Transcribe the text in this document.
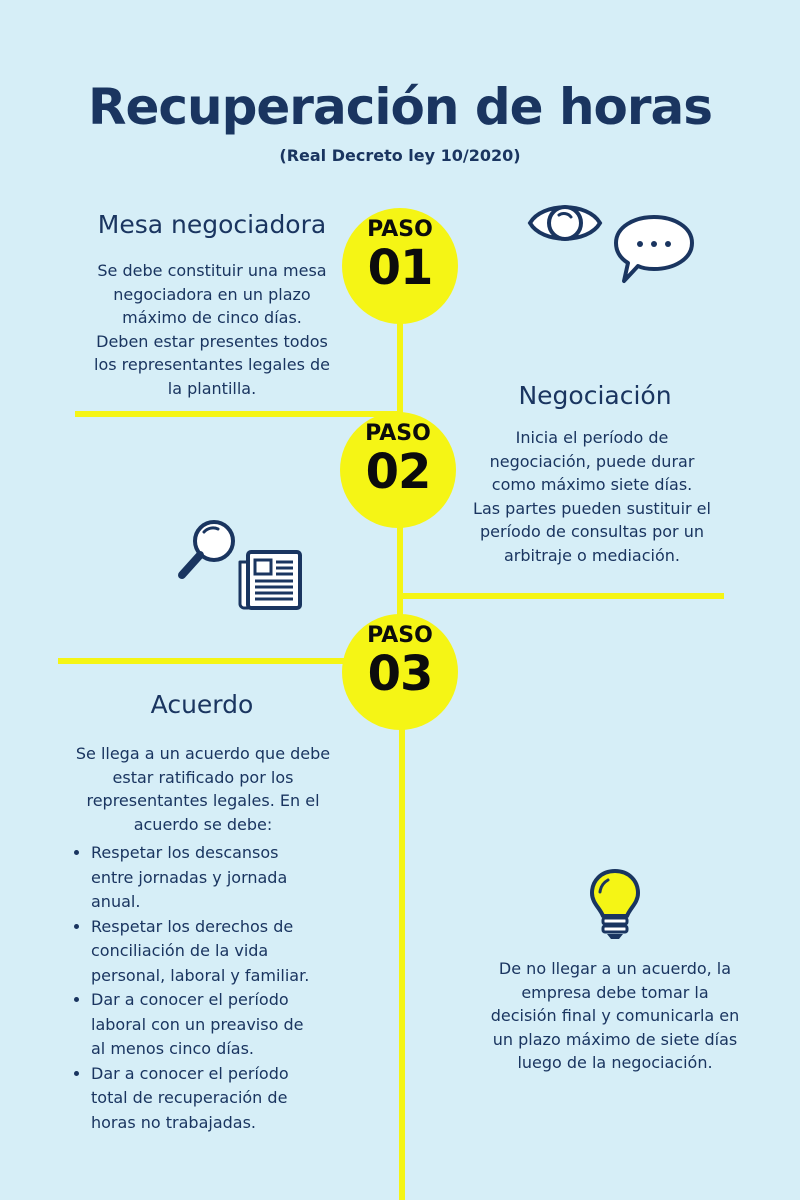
Recuperación de horas
(Real Decreto ley 10/2020)
PASO
01
PASO
02
PASO
03
Mesa negociadora
Se debe constituir una mesa
negociadora en un plazo
máximo de cinco días.
Deben estar presentes todos
los representantes legales de
la plantilla.	Negociación
Inicia el período de
negociación, puede durar
como máximo siete días.
Las partes pueden sustituir el
período de consultas por un
arbitraje o mediación.
Acuerdo
Se llega a un acuerdo que debe
estar ratificado por los
representantes legales. En el
acuerdo se debe:
• Respetar los descansos
entre jornadas y jornada
anual.
• Respetar los derechos de
conciliación de la vida
personal, laboral y familiar.
• Dar a conocer el período
laboral con un preaviso de
al menos cinco días.
• Dar a conocer el período
total de recuperación de
horas no trabajadas.
De no llegar a un acuerdo, la
empresa debe tomar la
decisión final y comunicarla en
un plazo máximo de siete días
luego de la negociación.
